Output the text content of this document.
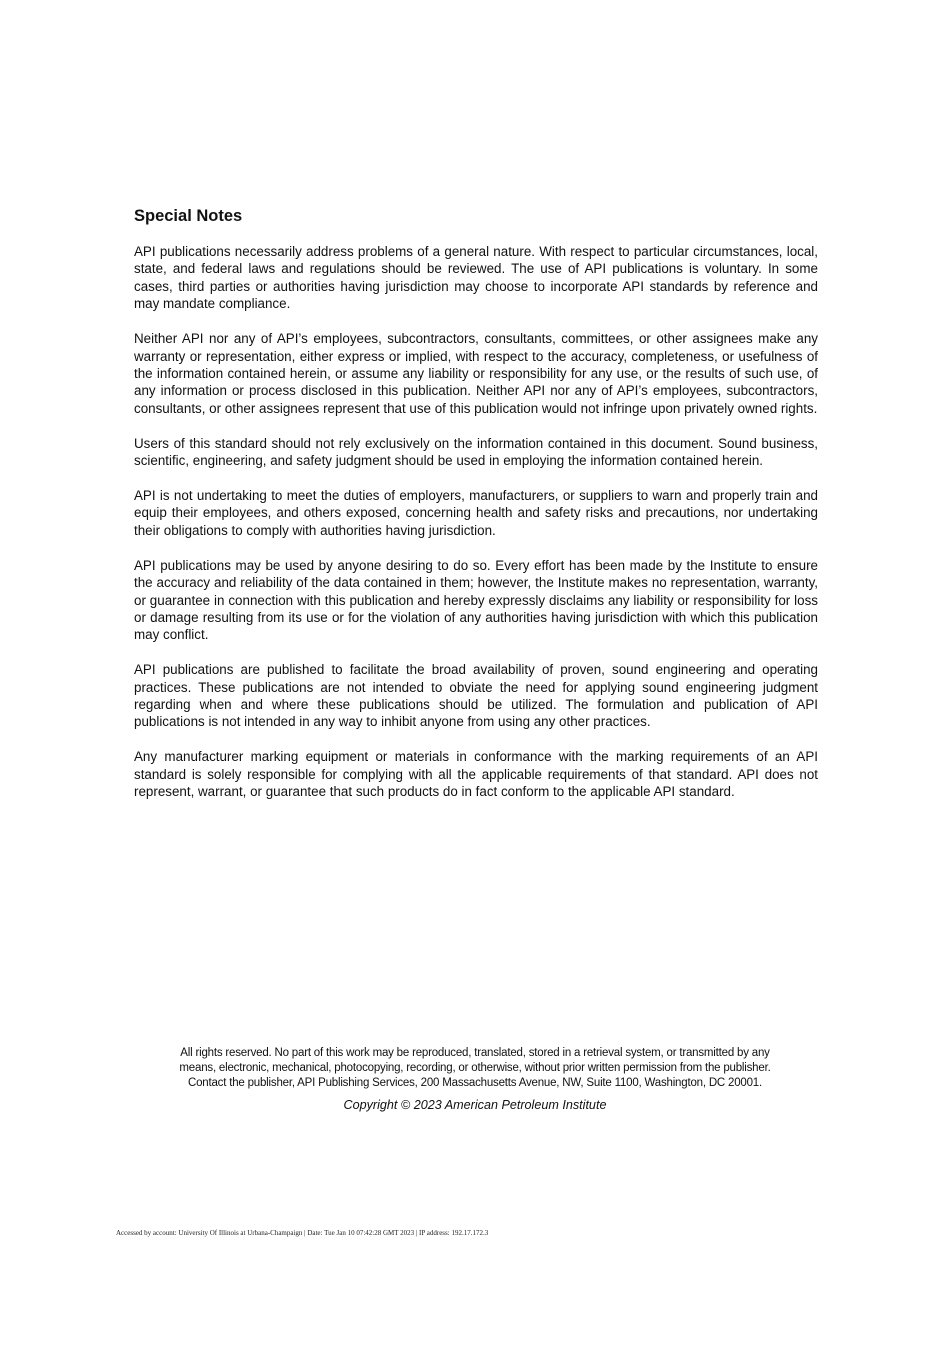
Special Notes

API publications necessarily address problems of a general nature. With respect to particular circumstances, local, state, and federal laws and regulations should be reviewed. The use of API publications is voluntary. In some cases, third parties or authorities having jurisdiction may choose to incorporate API standards by reference and may mandate compliance.

Neither API nor any of API’s employees, subcontractors, consultants, committees, or other assignees make any warranty or representation, either express or implied, with respect to the accuracy, completeness, or usefulness of the information contained herein, or assume any liability or responsibility for any use, or the results of such use, of any information or process disclosed in this publication. Neither API nor any of API’s employees, subcontractors, consultants, or other assignees represent that use of this publication would not infringe upon privately owned rights.

Users of this standard should not rely exclusively on the information contained in this document. Sound business, scientific, engineering, and safety judgment should be used in employing the information contained herein.

API is not undertaking to meet the duties of employers, manufacturers, or suppliers to warn and properly train and equip their employees, and others exposed, concerning health and safety risks and precautions, nor undertaking their obligations to comply with authorities having jurisdiction.

API publications may be used by anyone desiring to do so. Every effort has been made by the Institute to ensure the accuracy and reliability of the data contained in them; however, the Institute makes no representation, warranty, or guarantee in connection with this publication and hereby expressly disclaims any liability or responsibility for loss or damage resulting from its use or for the violation of any authorities having jurisdiction with which this publication may conflict.

API publications are published to facilitate the broad availability of proven, sound engineering and operating practices. These publications are not intended to obviate the need for applying sound engineering judgment regarding when and where these publications should be utilized. The formulation and publication of API publications is not intended in any way to inhibit anyone from using any other practices.

Any manufacturer marking equipment or materials in conformance with the marking requirements of an API standard is solely responsible for complying with all the applicable requirements of that standard. API does not represent, warrant, or guarantee that such products do in fact conform to the applicable API standard.

All rights reserved. No part of this work may be reproduced, translated, stored in a retrieval system, or transmitted by any
means, electronic, mechanical, photocopying, recording, or otherwise, without prior written permission from the publisher.
Contact the publisher, API Publishing Services, 200 Massachusetts Avenue, NW, Suite 1100, Washington, DC 20001.
Copyright © 2023 American Petroleum Institute
Accessed by account: University Of Illinois at Urbana-Champaign | Date: Tue Jan 10 07:42:28 GMT 2023 | IP address: 192.17.172.3
